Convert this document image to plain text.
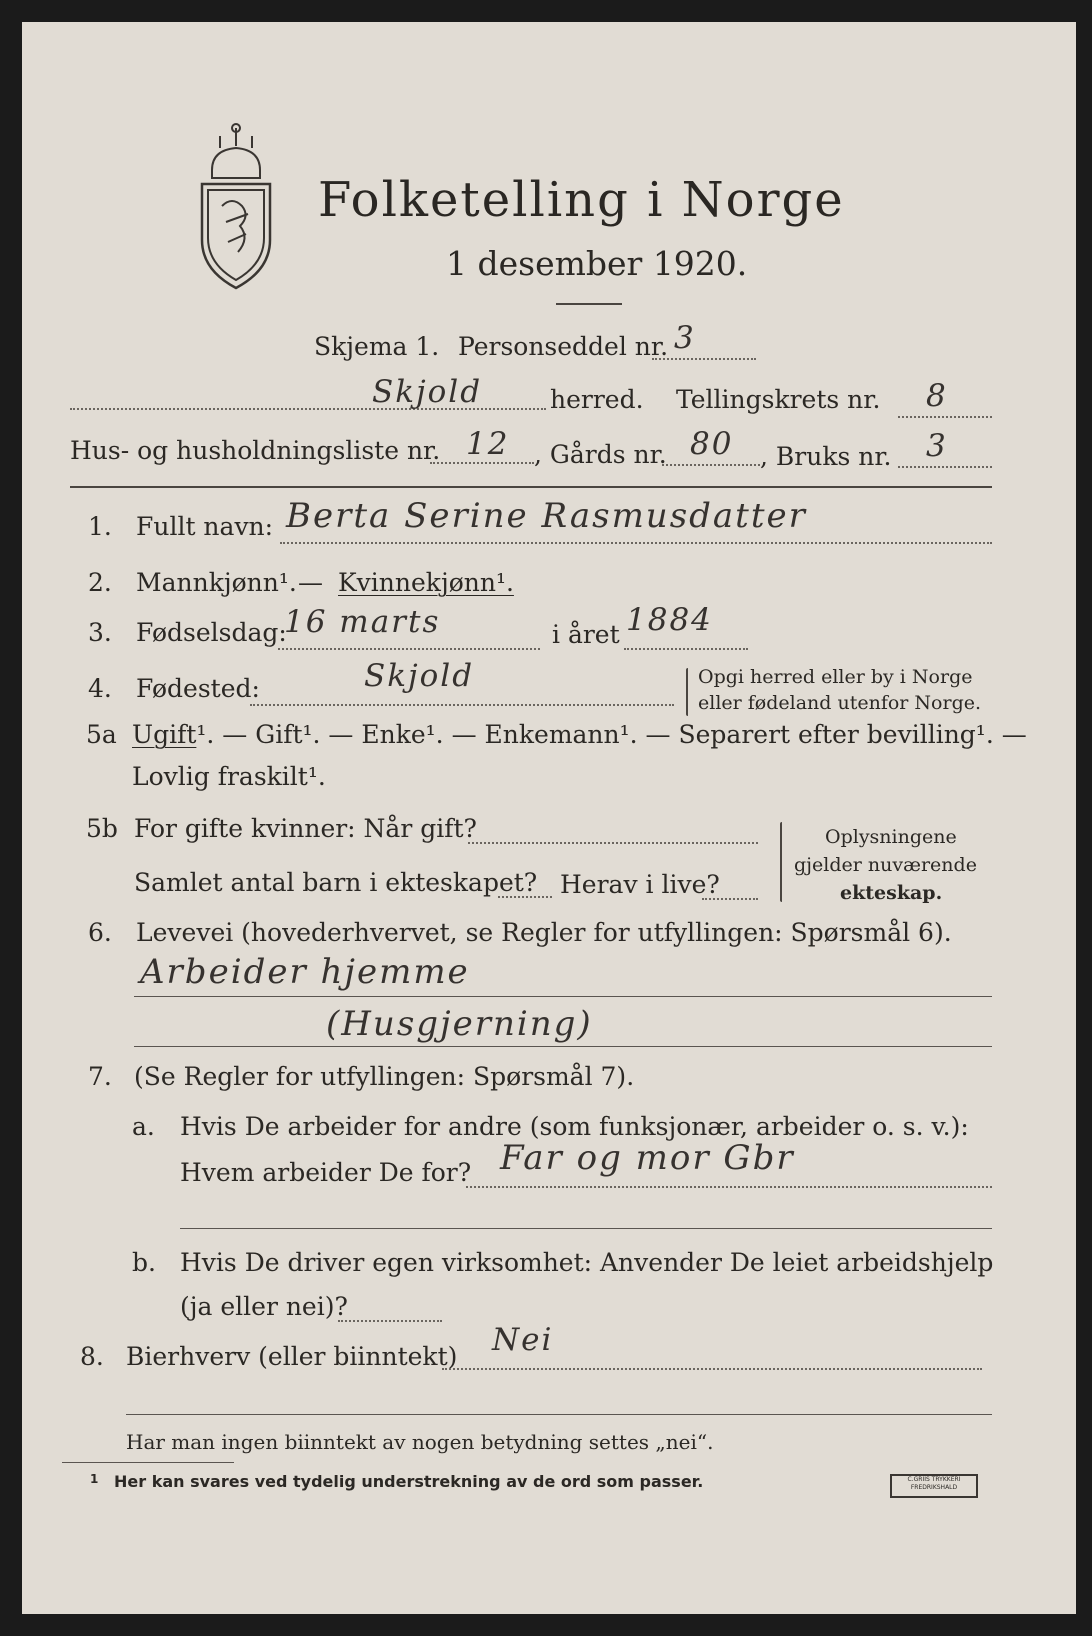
Folketelling i Norge
1 desember 1920.
Skjema 1. Personseddel nr. 3
Skjold	herred. Tellingskrets nr. 8
Hus- og husholdningsliste nr. 12 , Gårds nr. 80 , Bruks nr. 3
1. Fullt navn: Berta Serine Rasmusdatter
2. Mannkjønn¹. — Kvinnekjønn¹.
3. Fødselsdag:
16 marts	i året 1884
4. Fødested:	Skjold	Opgi herred eller by i Norge
eller fødeland utenfor Norge.
5a Ugift¹. — Gift¹. — Enke¹. — Enkemann¹. — Separert efter bevilling¹. —
Lovlig fraskilt¹.
5b For gifte kvinner: Når gift?
Samlet antal barn i ekteskapet? Herav i live?
Oplysningene
gjelder nuværende
ekteskap.
6. Levevei (hovederhvervet, se Regler for utfyllingen: Spørsmål 6).
Arbeider hjemme
(Husgjerning)
7. (Se Regler for utfyllingen: Spørsmål 7).
a. Hvis De arbeider for andre (som funksjonær, arbeider o. s. v.):
Hvem arbeider De for? Far og mor Gbr
b. Hvis De driver egen virksomhet: Anvender De leiet arbeidshjelp
(ja eller nei)?
8. Bierhverv (eller biinntekt) Nei
Har man ingen biinntekt av nogen betydning settes „nei“.
1 Her kan svares ved tydelig understrekning av de ord som passer.	C.GRIIS TRYKKERI FREDRIKSHALD
